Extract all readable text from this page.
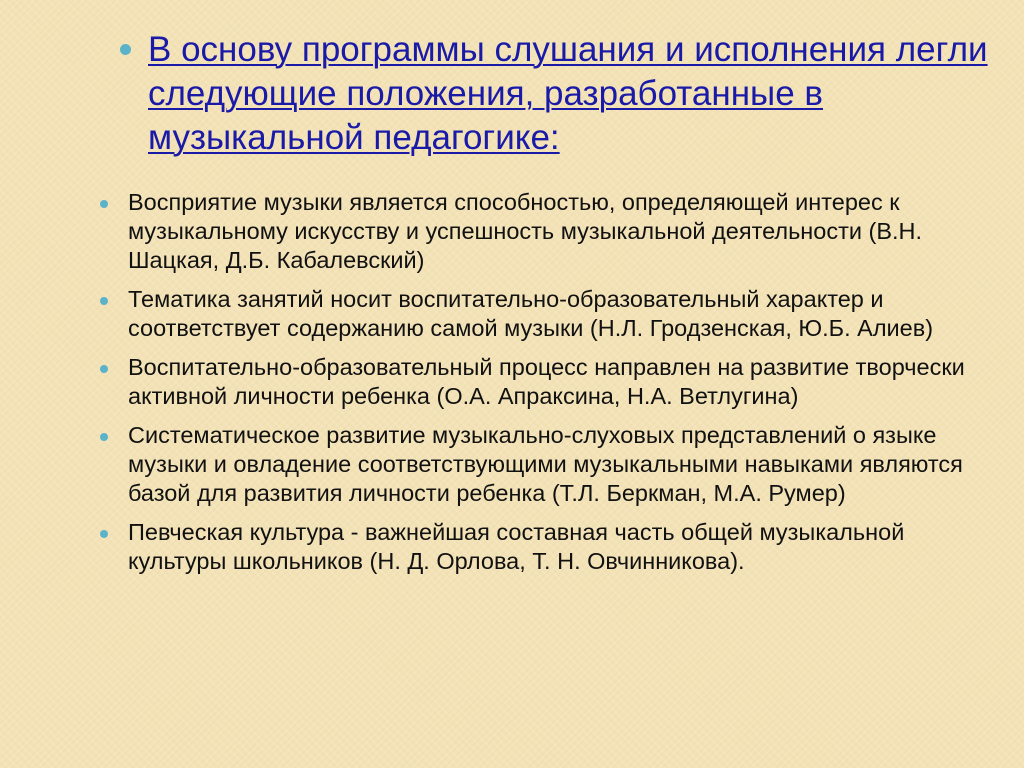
В основу программы слушания и исполнения легли следующие положения, разработанные в музыкальной педагогике:
Восприятие музыки является способностью, определяющей интерес к музыкальному искусству и успешность музыкальной деятельности (В.Н. Шацкая, Д.Б. Кабалевский)
Тематика занятий носит воспитательно-образовательный характер и соответствует содержанию самой музыки (Н.Л. Гродзенская, Ю.Б. Алиев)
Воспитательно-образовательный процесс направлен на развитие творчески активной личности ребенка (О.А. Апраксина, Н.А. Ветлугина)
Систематическое развитие музыкально-слуховых представлений о языке музыки и овладение соответствующими музыкальными навыками являются базой для развития личности ребенка (Т.Л. Беркман, М.А. Румер)
Певческая культура - важнейшая составная часть общей музыкальной культуры школьников (Н. Д. Орлова, Т. Н. Овчинникова).
